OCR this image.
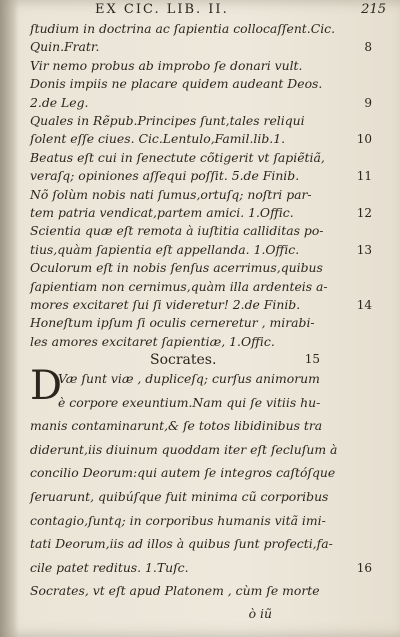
EX CIC. LIB. II.	215
ſtudium in doctrina ac ſapientia collocaſſent.Cic.
Quin.Fratr.	8
Vir nemo probus ab improbo ſe donari vult.
Donis impiis ne placare quidem audeant Deos.
2.de Leg.	9
Quales in Rẽpub.Principes ſunt,tales reliqui
ſolent eſſe ciues. Cic.Lentulo,Famil.lib.1.	10
Beatus eſt cui in ſenectute cõtigerit vt ſapiẽtiã,
veraſq; opiniones aſſequi poſſit. 5.de Finib.	11
Nõ ſolùm nobis nati ſumus,ortuſq; noſtri par-
tem patria vendicat,partem amici. 1.Offic.	12
Scientia quæ eſt remota à iuſtitia calliditas po-
tius,quàm ſapientia eſt appellanda. 1.Offic.	13
Oculorum eſt in nobis ſenſus acerrimus,quibus
ſapientiam non cernimus,quàm illa ardenteis a-
mores excitaret ſui ſi videretur! 2.de Finib.	14
Honeſtum ipſum ſi oculis cerneretur , mirabi-
les amores excitaret ſapientiæ, 1.Offic.
Socrates.	15
D
Væ ſunt viæ , dupliceſq; curſus animorum
è corpore exeuntium.Nam qui ſe vitiis hu-
manis contaminarunt,& ſe totos libidinibus tra
diderunt,iis diuinum quoddam iter eſt ſecluſum à
concilio Deorum:qui autem ſe integros caſtóſque
ſeruarunt, quibúſque fuit minima cũ corporibus
contagio,ſuntq; in corporibus humanis vitã imi-
tati Deorum,iis ad illos à quibus ſunt profecti,fa-
cile patet reditus. 1.Tuſc.	16
Socrates, vt eſt apud Platonem , cùm ſe morte
ò iũ
